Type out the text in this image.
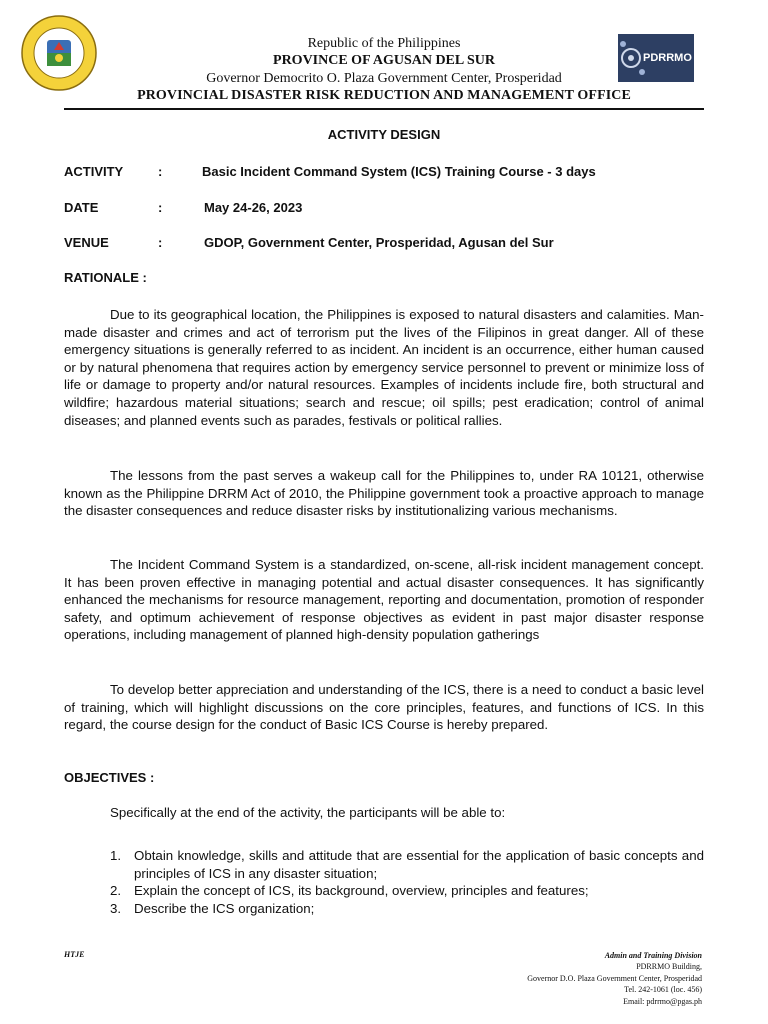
PDRRMO
Republic of the Philippines
PROVINCE OF AGUSAN DEL SUR
Governor Democrito O. Plaza Government Center, Prosperidad
PROVINCIAL DISASTER RISK REDUCTION AND MANAGEMENT OFFICE
ACTIVITY DESIGN
ACTIVITY	:	Basic Incident Command System (ICS) Training Course - 3 days
DATE	:	May 24-26, 2023
VENUE	:	GDOP, Government Center, Prosperidad, Agusan del Sur
RATIONALE :

Due to its geographical location, the Philippines is exposed to natural disasters and calamities. Man-made disaster and crimes and act of terrorism put the lives of the Filipinos in great danger. All of these emergency situations is generally referred to as incident. An incident is an occurrence, either human caused or by natural phenomena that requires action by emergency service personnel to prevent or minimize loss of life or damage to property and/or natural resources. Examples of incidents include fire, both structural and wildfire; hazardous material situations; search and rescue; oil spills; pest eradication; control of animal diseases; and planned events such as parades, festivals or political rallies.

The lessons from the past serves a wakeup call for the Philippines to, under RA 10121, otherwise known as the Philippine DRRM Act of 2010, the Philippine government took a proactive approach to manage the disaster consequences and reduce disaster risks by institutionalizing various mechanisms.

The Incident Command System is a standardized, on-scene, all-risk incident management concept. It has been proven effective in managing potential and actual disaster consequences. It has significantly enhanced the mechanisms for resource management, reporting and documentation, promotion of responder safety, and optimum achievement of response objectives as evident in past major disaster response operations, including management of planned high-density population gatherings

To develop better appreciation and understanding of the ICS, there is a need to conduct a basic level of training, which will highlight discussions on the core principles, features, and functions of ICS. In this regard, the course design for the conduct of Basic ICS Course is hereby prepared.

OBJECTIVES :
Specifically at the end of the activity, the participants will be able to:
1. Obtain knowledge, skills and attitude that are essential for the application of basic concepts and principles of ICS in any disaster situation;
2. Explain the concept of ICS, its background, overview, principles and features;
3. Describe the ICS organization;
HTJE	Admin and Training Division
PDRRMO Building,
Governor D.O. Plaza Government Center, Prosperidad
Tel. 242-1061 (loc. 456)
Email: pdrrmo@pgas.ph
